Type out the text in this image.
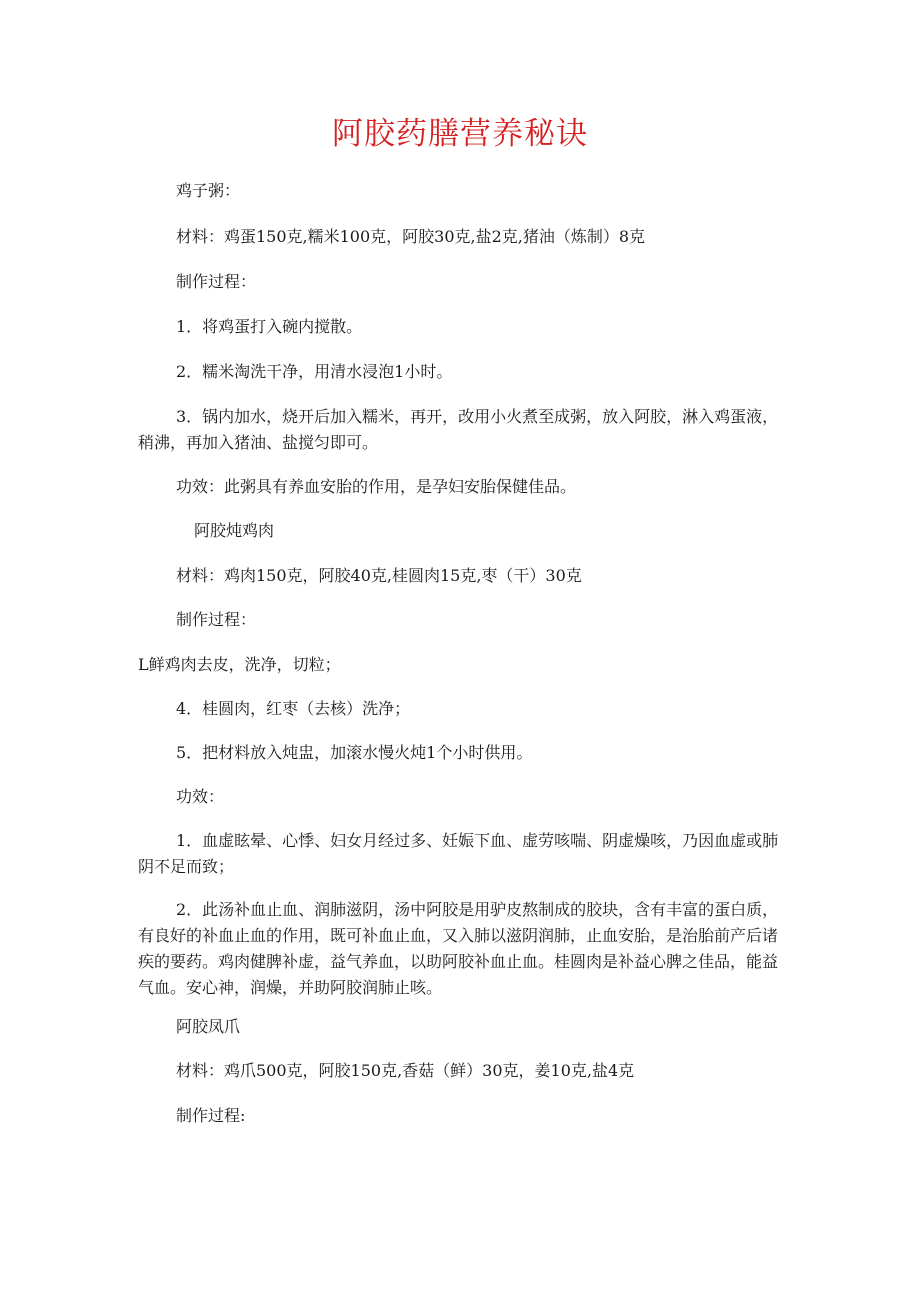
阿胶药膳营养秘诀
鸡子粥：
材料：鸡蛋150克,糯米100克，阿胶30克,盐2克,猪油（炼制）8克
制作过程：
1．将鸡蛋打入碗内搅散。
2．糯米淘洗干净，用清水浸泡1小时。
3．锅内加水，烧开后加入糯米，再开，改用小火煮至成粥，放入阿胶，淋入鸡蛋液，稍沸，再加入猪油、盐搅匀即可。
功效：此粥具有养血安胎的作用，是孕妇安胎保健佳品。
阿胶炖鸡肉
材料：鸡肉150克，阿胶40克,桂圆肉15克,枣（干）30克
制作过程：
L鲜鸡肉去皮，洗净，切粒；
4．桂圆肉，红枣（去核）洗净；
5．把材料放入炖盅，加滚水慢火炖1个小时供用。
功效：
1．血虚眩晕、心悸、妇女月经过多、妊娠下血、虚劳咳喘、阴虚燥咳，乃因血虚或肺阴不足而致；
2．此汤补血止血、润肺滋阴，汤中阿胶是用驴皮熬制成的胶块，含有丰富的蛋白质，有良好的补血止血的作用，既可补血止血，又入肺以滋阴润肺，止血安胎，是治胎前产后诸疾的要药。鸡肉健脾补虚，益气养血，以助阿胶补血止血。桂圆肉是补益心脾之佳品，能益气血。安心神，润燥，并助阿胶润肺止咳。
阿胶凤爪
材料：鸡爪500克，阿胶150克,香菇（鲜）30克，姜10克,盐4克
制作过程:
